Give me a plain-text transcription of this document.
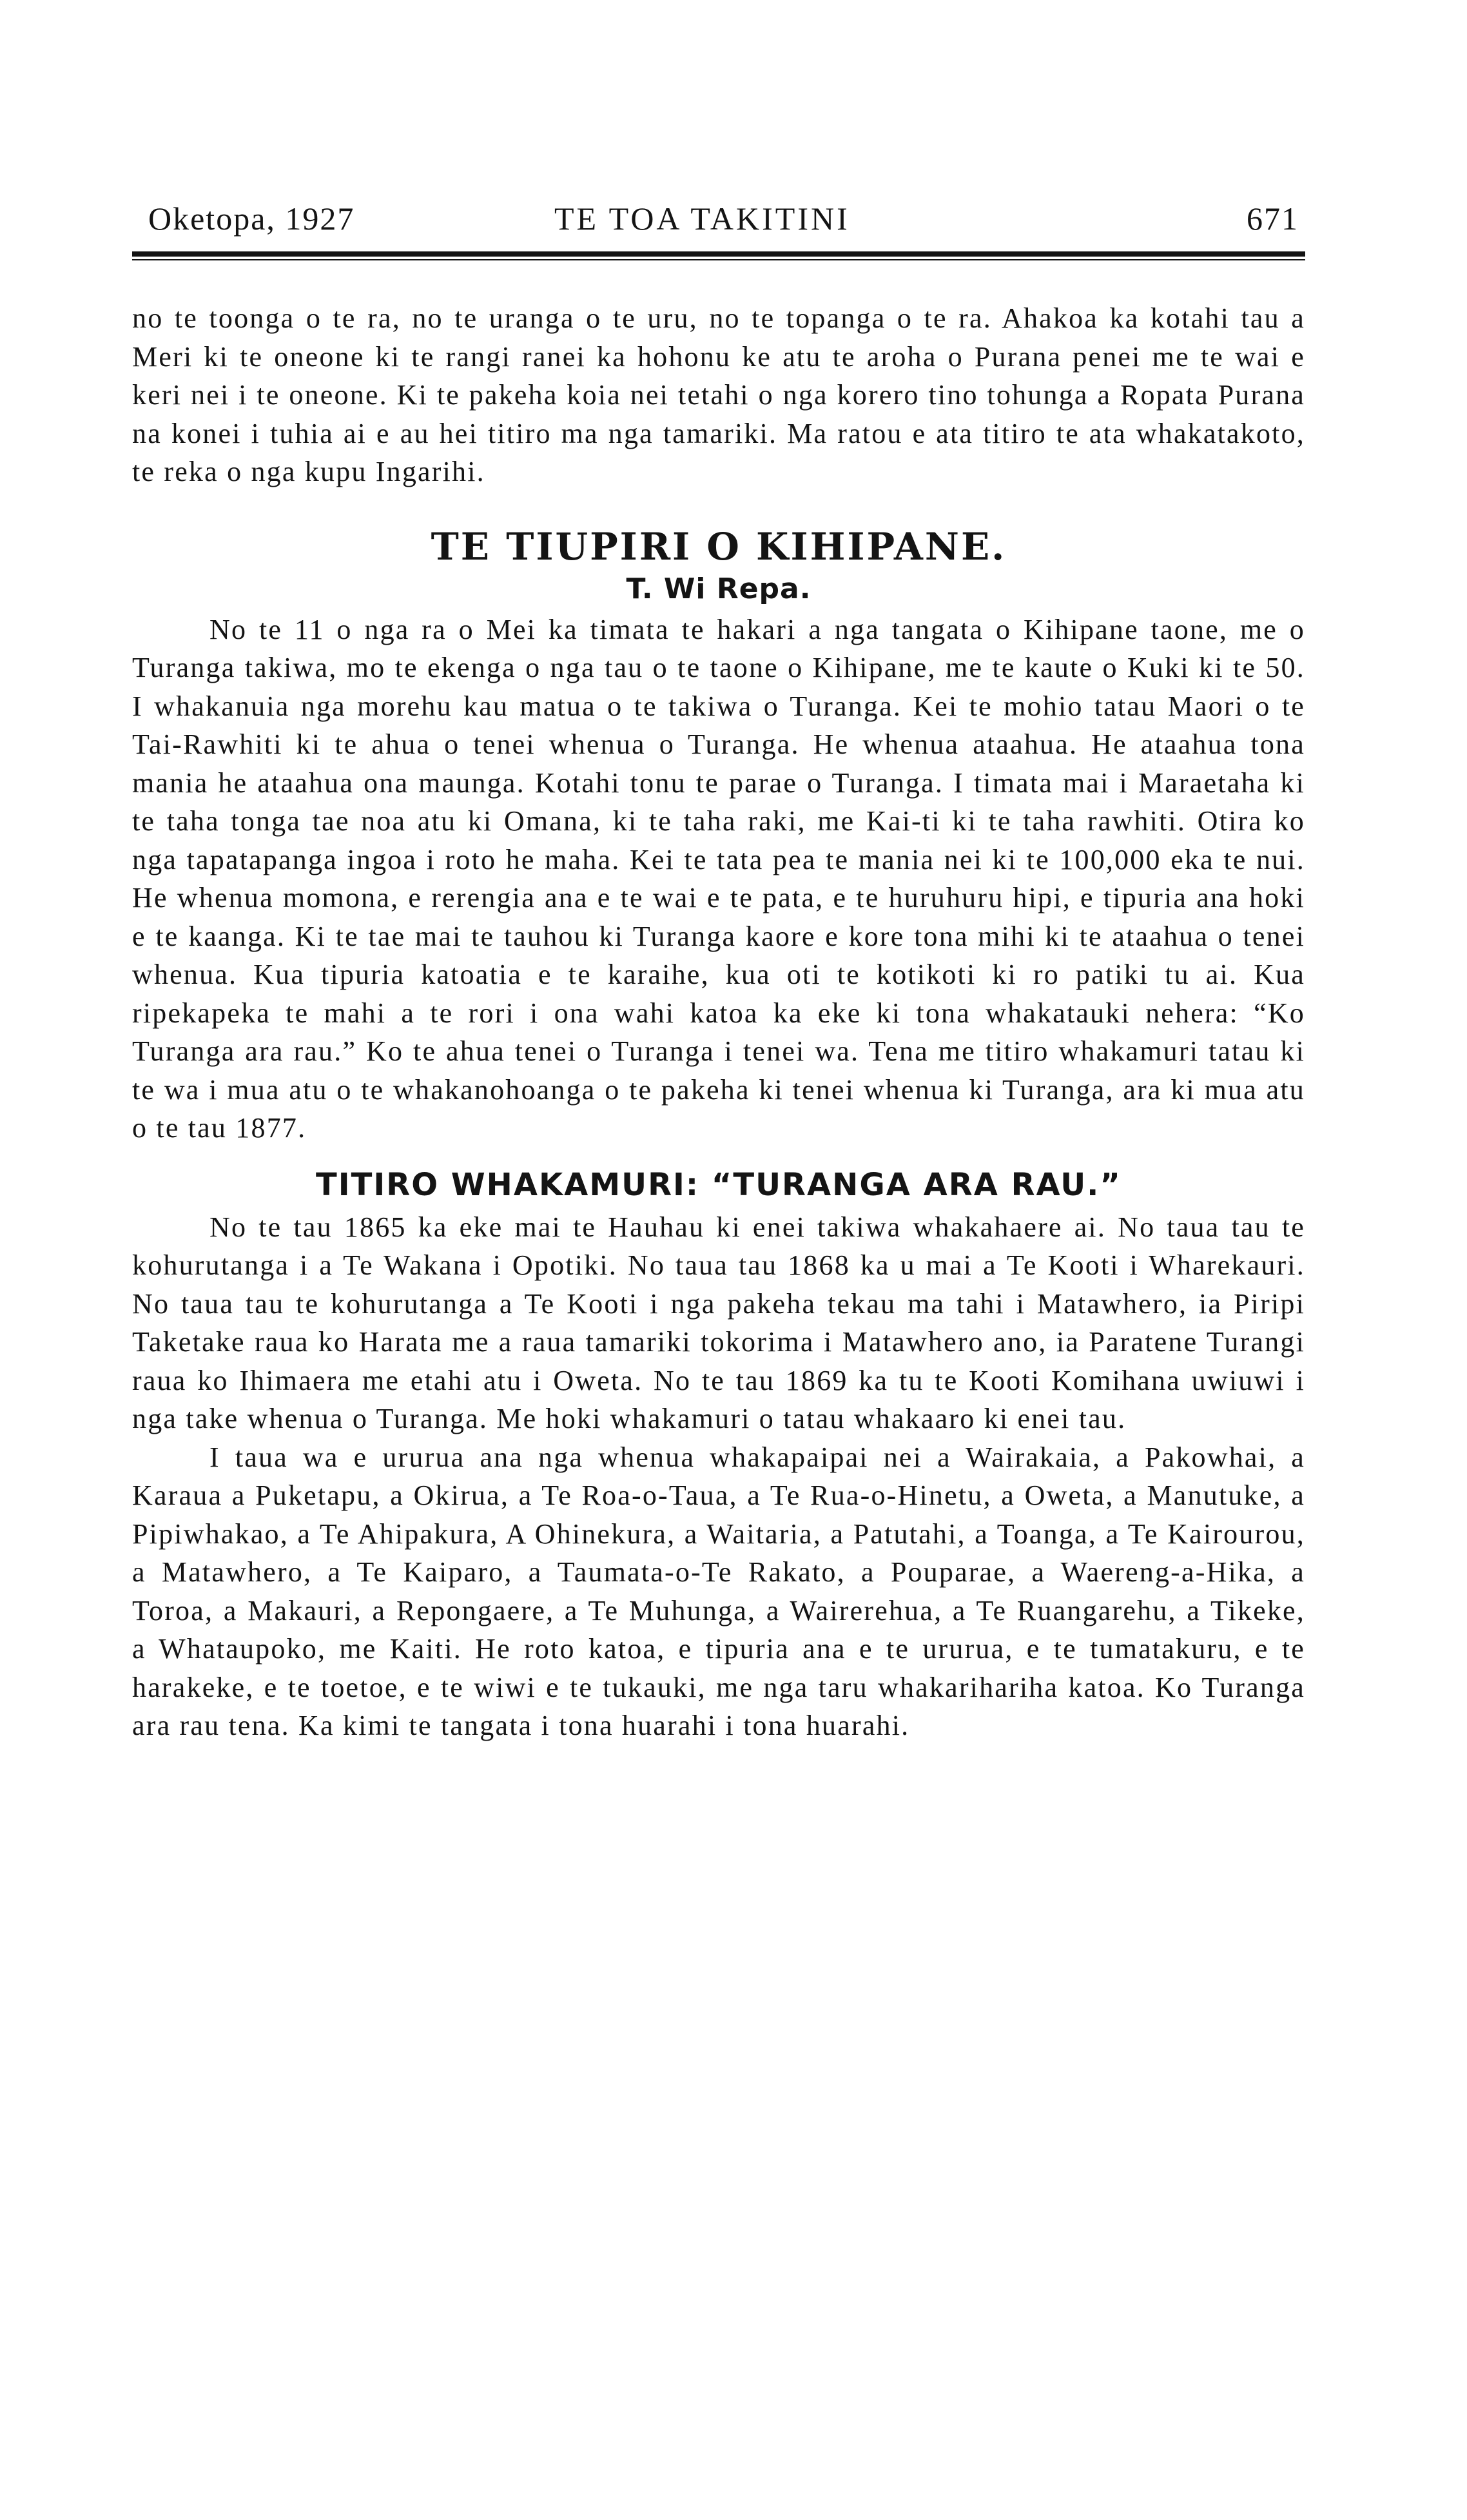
Oketopa, 1927	TE TOA TAKITINI	671

no te toonga o te ra, no te uranga o te uru, no te topanga o te ra. Ahakoa ka kotahi tau a Meri ki te oneone ki te rangi ranei ka hohonu ke atu te aroha o Purana penei me te wai e keri nei i te oneone. Ki te pakeha koia nei tetahi o nga korero tino tohunga a Ropata Purana na konei i tuhia ai e au hei titiro ma nga tamariki. Ma ratou e ata titiro te ata whakatakoto, te reka o nga kupu Ingarihi.

TE TIUPIRI O KIHIPANE.
T. Wi Repa.

No te 11 o nga ra o Mei ka timata te hakari a nga tangata o Kihipane taone, me o Turanga takiwa, mo te ekenga o nga tau o te taone o Kihipane, me te kaute o Kuki ki te 50. I whakanuia nga morehu kau matua o te takiwa o Turanga. Kei te mohio tatau Maori o te Tai-Rawhiti ki te ahua o tenei whenua o Turanga. He whenua ataahua. He ataahua tona mania he ataahua ona maunga. Kotahi tonu te parae o Turanga. I timata mai i Maraetaha ki te taha tonga tae noa atu ki Omana, ki te taha raki, me Kai-ti ki te taha rawhiti. Otira ko nga tapatapanga ingoa i roto he maha. Kei te tata pea te mania nei ki te 100,000 eka te nui. He whenua momona, e rerengia ana e te wai e te pata, e te huruhuru hipi, e tipuria ana hoki e te kaanga. Ki te tae mai te tauhou ki Turanga kaore e kore tona mihi ki te ataahua o tenei whenua. Kua tipuria katoatia e te karaihe, kua oti te kotikoti ki ro patiki tu ai. Kua ripekapeka te mahi a te rori i ona wahi katoa ka eke ki tona whakatauki nehera: “Ko Turanga ara rau.” Ko te ahua tenei o Turanga i tenei wa. Tena me titiro whakamuri tatau ki te wa i mua atu o te whakanohoanga o te pakeha ki tenei whenua ki Turanga, ara ki mua atu o te tau 1877.

TITIRO WHAKAMURI: “TURANGA ARA RAU.”

No te tau 1865 ka eke mai te Hauhau ki enei takiwa whakahaere ai. No taua tau te kohurutanga i a Te Wakana i Opotiki. No taua tau 1868 ka u mai a Te Kooti i Wharekauri. No taua tau te kohurutanga a Te Kooti i nga pakeha tekau ma tahi i Matawhero, ia Piripi Taketake raua ko Harata me a raua tamariki tokorima i Matawhero ano, ia Paratene Turangi raua ko Ihimaera me etahi atu i Oweta. No te tau 1869 ka tu te Kooti Komihana uwiuwi i nga take whenua o Turanga. Me hoki whakamuri o tatau whakaaro ki enei tau.

I taua wa e ururua ana nga whenua whakapaipai nei a Wairakaia, a Pakowhai, a Karaua a Puketapu, a Okirua, a Te Roa-o-Taua, a Te Rua-o-Hinetu, a Oweta, a Manutuke, a Pipiwhakao, a Te Ahipakura, A Ohinekura, a Waitaria, a Patutahi, a Toanga, a Te Kairourou, a Matawhero, a Te Kaiparo, a Taumata-o-Te Rakato, a Pouparae, a Waereng-a-Hika, a Toroa, a Makauri, a Repongaere, a Te Muhunga, a Wairerehua, a Te Ruangarehu, a Tikeke, a Whataupoko, me Kaiti. He roto katoa, e tipuria ana e te ururua, e te tumatakuru, e te harakeke, e te toetoe, e te wiwi e te tukauki, me nga taru whakarihariha katoa. Ko Turanga ara rau tena. Ka kimi te tangata i tona huarahi i tona huarahi.
